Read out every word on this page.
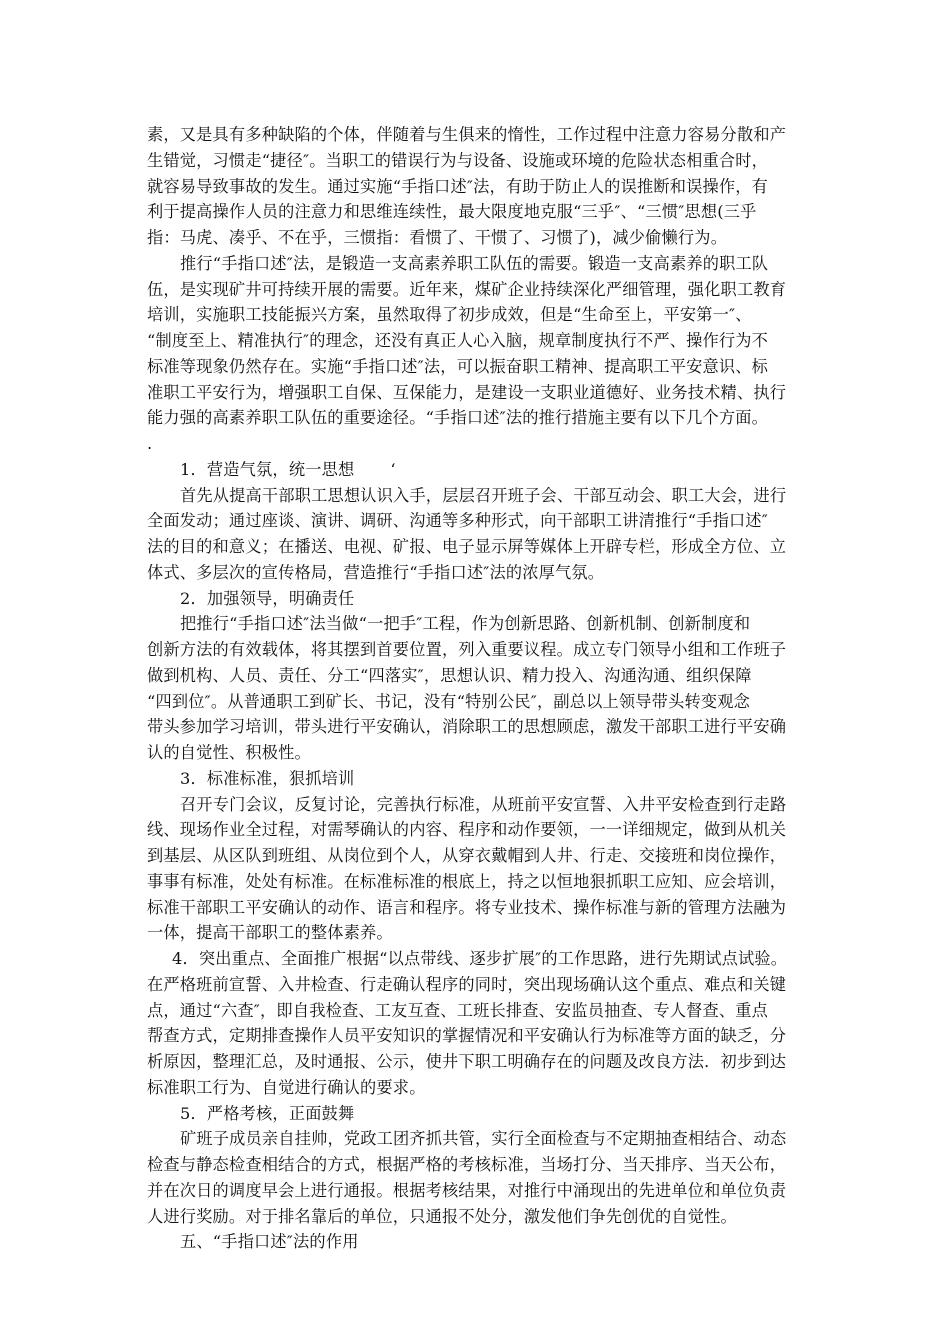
素，又是具有多种缺陷的个体，伴随着与生俱来的惰性，工作过程中注意力容易分散和产
生错觉，习惯走“捷径″。当职工的错误行为与设备、设施或环境的危险状态相重合时，
就容易导致事故的发生。通过实施“手指口述″法，有助于防止人的误推断和误操作，有
利于提高操作人员的注意力和思维连续性，最大限度地克服“三乎″、“三惯″思想(三乎
指：马虎、凑乎、不在乎，三惯指：看惯了、干惯了、习惯了)，减少偷懒行为。
推行“手指口述″法，是锻造一支高素养职工队伍的需要。锻造一支高素养的职工队
伍，是实现矿井可持续开展的需要。近年来，煤矿企业持续深化严细管理，强化职工教育
培训，实施职工技能振兴方案，虽然取得了初步成效，但是“生命至上，平安第一″、
“制度至上、精准执行″的理念，还没有真正人心入脑，规章制度执行不严、操作行为不
标准等现象仍然存在。实施“手指口述″法，可以振奋职工精神、提高职工平安意识、标
准职工平安行为，增强职工自保、互保能力，是建设一支职业道德好、业务技术精、执行
能力强的高素养职工队伍的重要途径。“手指口述″法的推行措施主要有以下几个方面。
.
1．营造气氛，统一思想 ‘
首先从提高干部职工思想认识入手，层层召开班子会、干部互动会、职工大会，进行
全面发动；通过座谈、演讲、调研、沟通等多种形式，向干部职工讲清推行“手指口述″
法的目的和意义；在播送、电视、矿报、电子显示屏等媒体上开辟专栏，形成全方位、立
体式、多层次的宣传格局，营造推行“手指口述″法的浓厚气氛。
2．加强领导，明确责任
把推行“手指口述″法当做“一把手″工程，作为创新思路、创新机制、创新制度和
创新方法的有效载体，将其摆到首要位置，列入重要议程。成立专门领导小组和工作班子
做到机构、人员、责任、分工“四落实″，思想认识、精力投入、沟通沟通、组织保障
“四到位″。从普通职工到矿长、书记，没有“特别公民″，副总以上领导带头转变观念
带头参加学习培训，带头进行平安确认，消除职工的思想顾虑，激发干部职工进行平安确
认的自觉性、积极性。
3．标准标准，狠抓培训
召开专门会议，反复讨论，完善执行标准，从班前平安宣誓、入井平安检查到行走路
线、现场作业全过程，对需琴确认的内容、程序和动作要领，一一详细规定，做到从机关
到基层、从区队到班组、从岗位到个人，从穿衣戴帽到人井、行走、交接班和岗位操作，
事事有标准，处处有标准。在标准标准的根底上，持之以恒地狠抓职工应知、应会培训，
标准干部职工平安确认的动作、语言和程序。将专业技术、操作标准与新的管理方法融为
一体，提高干部职工的整体素养。
4．突出重点、全面推广根据“以点带线、逐步扩展″的工作思路，进行先期试点试验。
在严格班前宣誓、入井检查、行走确认程序的同时，突出现场确认这个重点、难点和关键
点，通过“六查″，即自我检查、工友互查、工班长排查、安监员抽查、专人督查、重点
帮查方式，定期排查操作人员平安知识的掌握情况和平安确认行为标准等方面的缺乏，分
析原因，整理汇总，及时通报、公示，使井下职工明确存在的问题及改良方法．初步到达
标准职工行为、自觉进行确认的要求。
5．严格考核，正面鼓舞
矿班子成员亲自挂帅，党政工团齐抓共管，实行全面检查与不定期抽查相结合、动态
检查与静态检查相结合的方式，根据严格的考核标准，当场打分、当天排序、当天公布，
并在次日的调度早会上进行通报。根据考核结果，对推行中涌现出的先进单位和单位负责
人进行奖励。对于排名靠后的单位，只通报不处分，激发他们争先创优的自觉性。
五、“手指口述″法的作用
